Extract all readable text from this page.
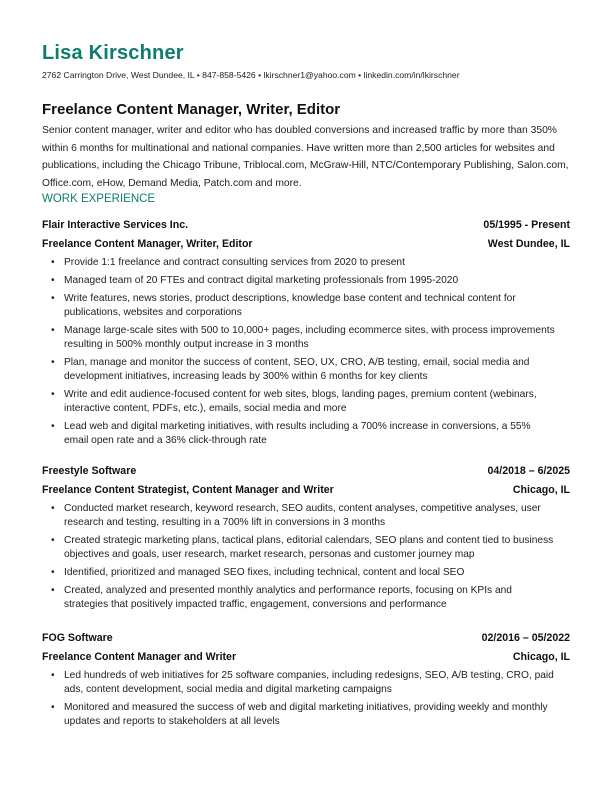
Lisa Kirschner
2762 Carrington Drive, West Dundee, IL • 847-858-5426 • lkirschner1@yahoo.com • linkedin.com/in/lkirschner
Freelance Content Manager, Writer, Editor
Senior content manager, writer and editor who has doubled conversions and increased traffic by more than 350% within 6 months for multinational and national companies. Have written more than 2,500 articles for websites and publications, including the Chicago Tribune, Triblocal.com, McGraw-Hill, NTC/Contemporary Publishing, Salon.com, Office.com, eHow, Demand Media, Patch.com and more.
WORK EXPERIENCE
Flair Interactive Services Inc.	05/1995 - Present
Freelance Content Manager, Writer, Editor	West Dundee, IL
• Provide 1:1 freelance and contract consulting services from 2020 to present
• Managed team of 20 FTEs and contract digital marketing professionals from 1995-2020
• Write features, news stories, product descriptions, knowledge base content and technical content for publications, websites and corporations
• Manage large-scale sites with 500 to 10,000+ pages, including ecommerce sites, with process improvements resulting in 500% monthly output increase in 3 months
• Plan, manage and monitor the success of content, SEO, UX, CRO, A/B testing, email, social media and development initiatives, increasing leads by 300% within 6 months for key clients
• Write and edit audience-focused content for web sites, blogs, landing pages, premium content (webinars, interactive content, PDFs, etc.), emails, social media and more
• Lead web and digital marketing initiatives, with results including a 700% increase in conversions, a 55% email open rate and a 36% click-through rate
Freestyle Software	04/2018 – 6/2025
Freelance Content Strategist, Content Manager and Writer	Chicago, IL
• Conducted market research, keyword research, SEO audits, content analyses, competitive analyses, user research and testing, resulting in a 700% lift in conversions in 3 months
• Created strategic marketing plans, tactical plans, editorial calendars, SEO plans and content tied to business objectives and goals, user research, market research, personas and customer journey map
• Identified, prioritized and managed SEO fixes, including technical, content and local SEO
• Created, analyzed and presented monthly analytics and performance reports, focusing on KPIs and strategies that positively impacted traffic, engagement, conversions and performance
FOG Software	02/2016 – 05/2022
Freelance Content Manager and Writer	Chicago, IL
• Led hundreds of web initiatives for 25 software companies, including redesigns, SEO, A/B testing, CRO, paid ads, content development, social media and digital marketing campaigns
• Monitored and measured the success of web and digital marketing initiatives, providing weekly and monthly updates and reports to stakeholders at all levels
